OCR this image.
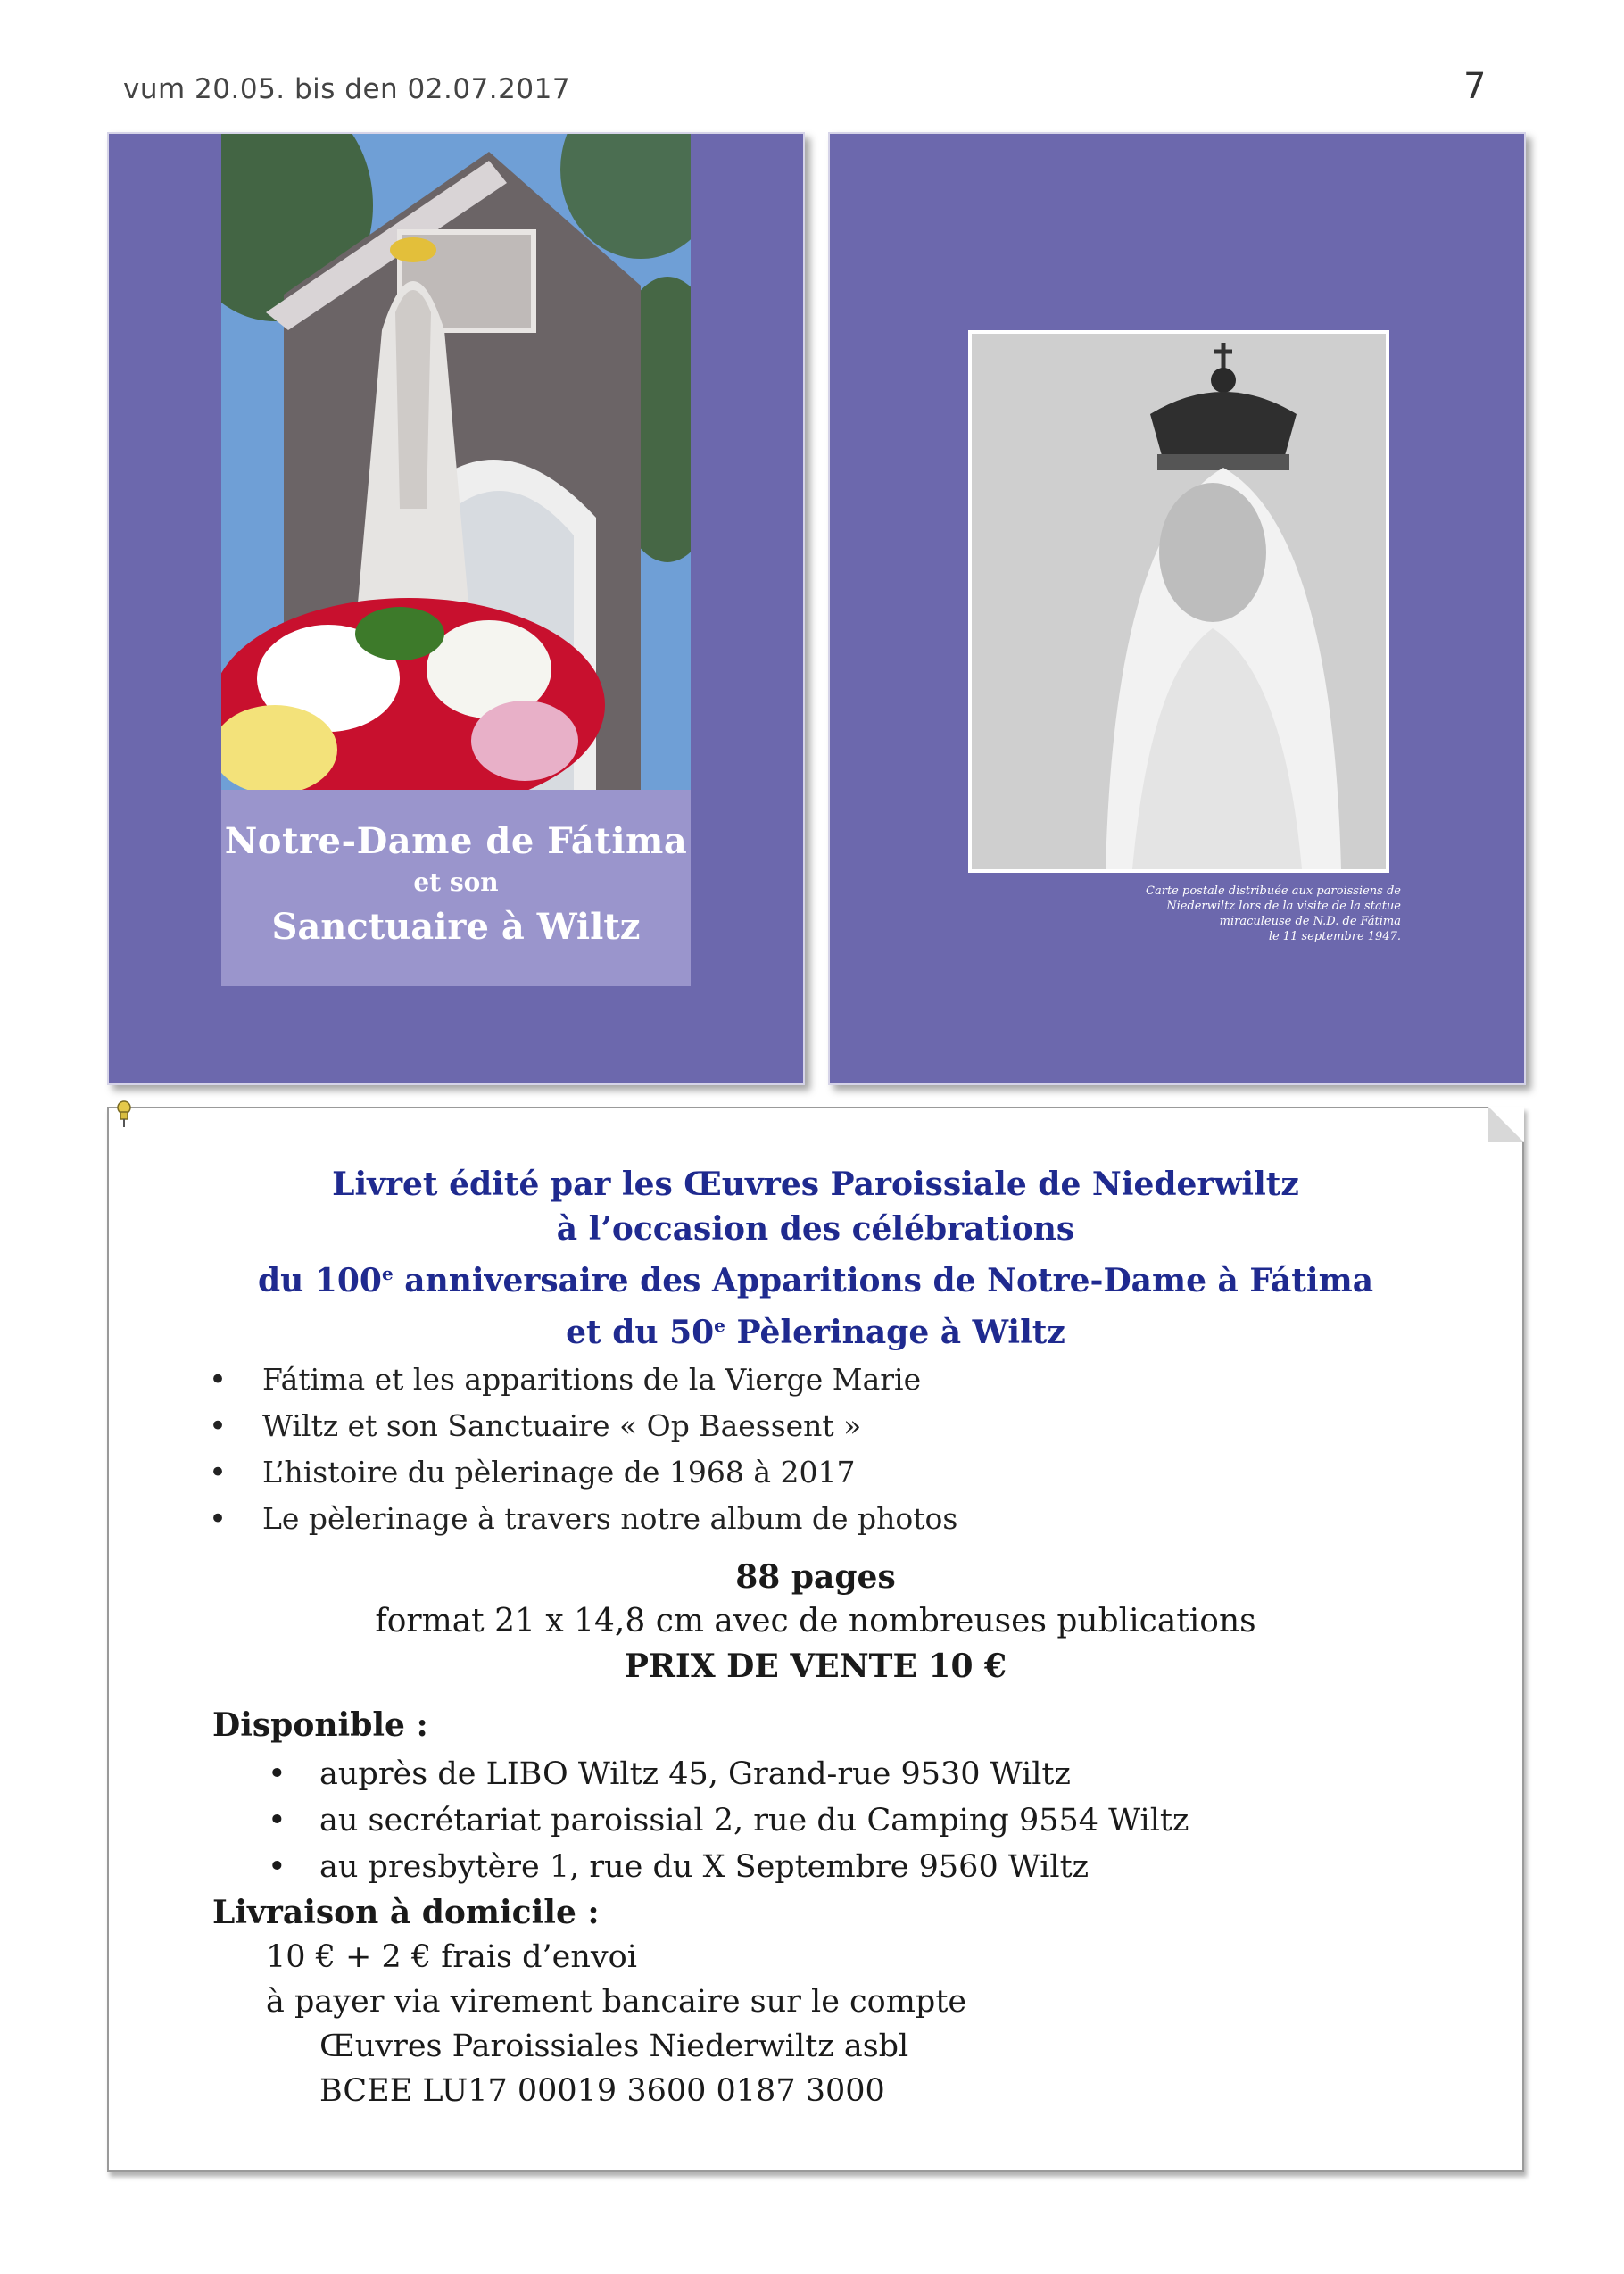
vum 20.05. bis den 02.07.2017	7
Notre-Dame de Fátima
et son
Sanctuaire à Wiltz
Carte postale distribuée aux paroissiens de
Niederwiltz lors de la visite de la statue
miraculeuse de N.D. de Fátima
le 11 septembre 1947.
Livret édité par les Œuvres Paroissiale de Niederwiltz
à l’occasion des célébrations
du 100e anniversaire des Apparitions de Notre-Dame à Fátima
et du 50e Pèlerinage à Wiltz
• Fátima et les apparitions de la Vierge Marie
• Wiltz et son Sanctuaire « Op Baessent »
• L’histoire du pèlerinage de 1968 à 2017
• Le pèlerinage à travers notre album de photos
88 pages
format 21 x 14,8 cm avec de nombreuses publications
PRIX DE VENTE 10 €
Disponible :
• auprès de LIBO Wiltz 45, Grand-rue 9530 Wiltz
• au secrétariat paroissial 2, rue du Camping 9554 Wiltz
• au presbytère 1, rue du X Septembre 9560 Wiltz
Livraison à domicile :
10 € + 2 € frais d’envoi
à payer via virement bancaire sur le compte
Œuvres Paroissiales Niederwiltz asbl
BCEE LU17 00019 3600 0187 3000
